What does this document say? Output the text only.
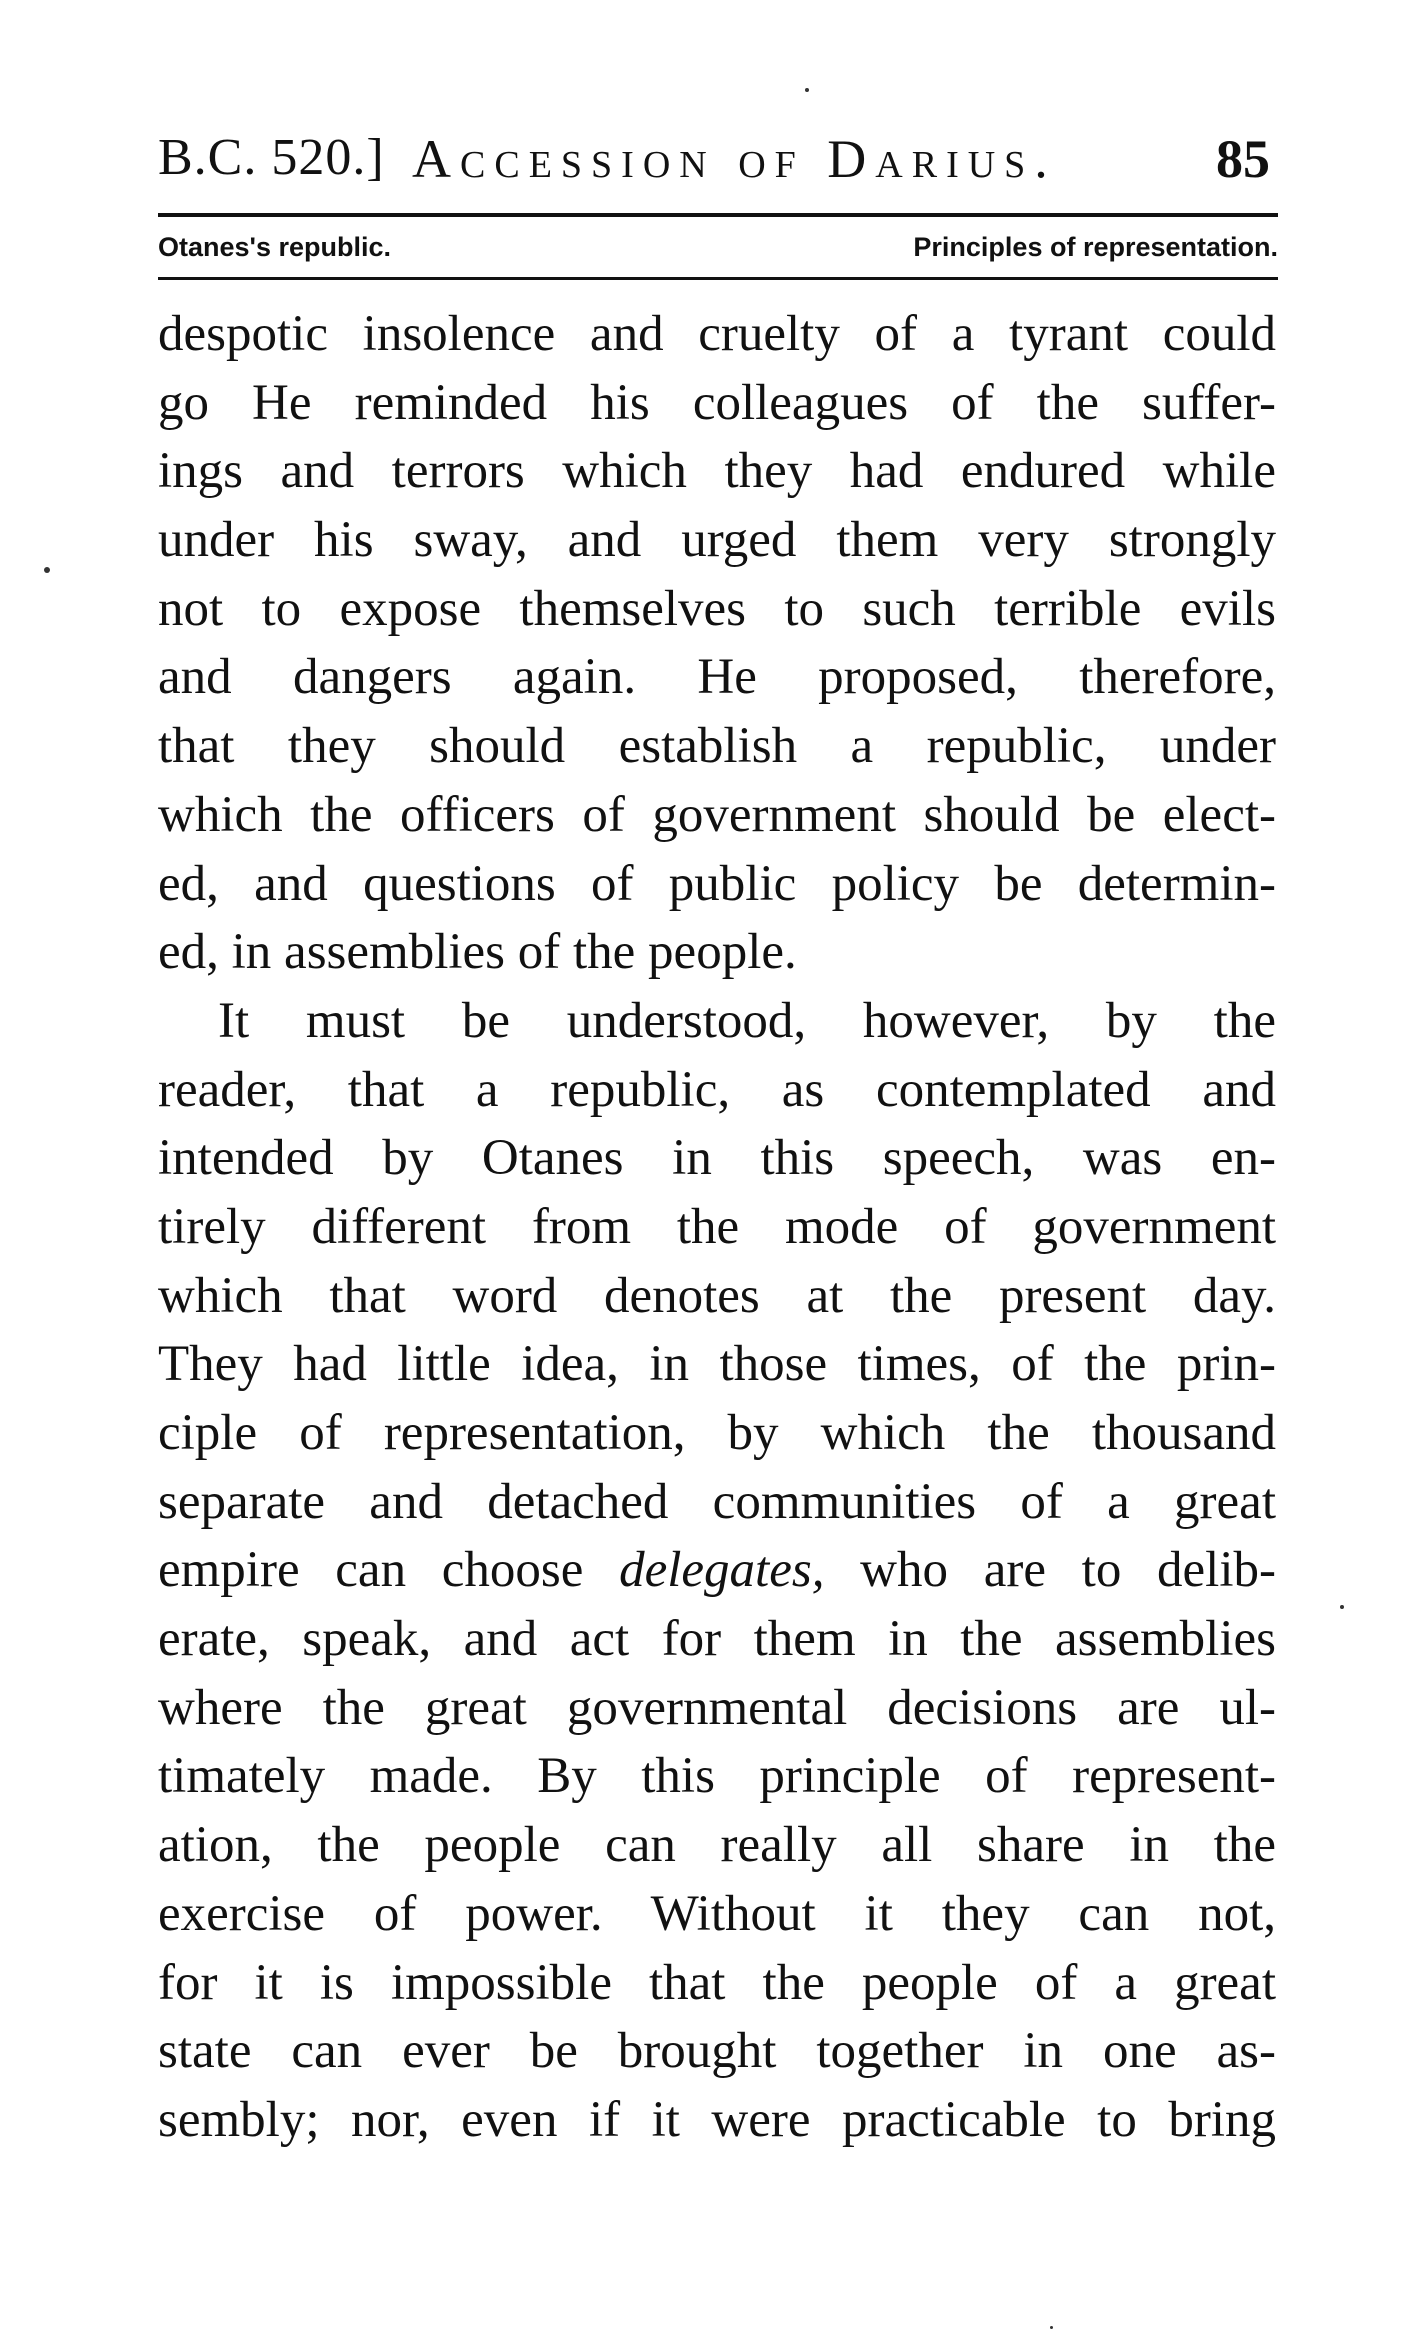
B.C. 520.] Accession of Darius.	85
Otanes's republic.	Principles of representation.
despotic insolence and cruelty of a tyrant could
go He reminded his colleagues of the suffer-
ings and terrors which they had endured while
under his sway, and urged them very strongly
not to expose themselves to such terrible evils
and dangers again. He proposed, therefore,
that they should establish a republic, under
which the officers of government should be elect-
ed, and questions of public policy be determin-
ed, in assemblies of the people.
It must be understood, however, by the
reader, that a republic, as contemplated and
intended by Otanes in this speech, was en-
tirely different from the mode of government
which that word denotes at the present day.
They had little idea, in those times, of the prin-
ciple of representation, by which the thousand
separate and detached communities of a great
empire can choose delegates, who are to delib-
erate, speak, and act for them in the assemblies
where the great governmental decisions are ul-
timately made. By this principle of represent-
ation, the people can really all share in the
exercise of power. Without it they can not,
for it is impossible that the people of a great
state can ever be brought together in one as-
sembly; nor, even if it were practicable to bring
